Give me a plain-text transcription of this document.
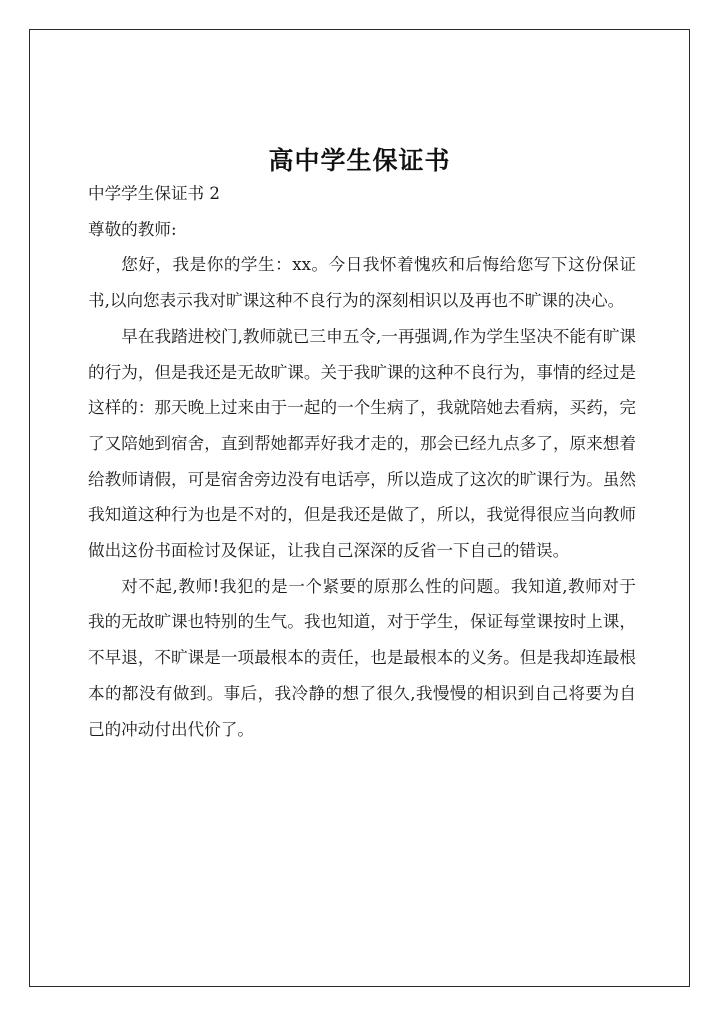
高中学生保证书

中学学生保证书 2

尊敬的教师:

您好，我是你的学生：xx。今日我怀着愧疚和后悔给您写下这份保证书,以向您表示我对旷课这种不良行为的深刻相识以及再也不旷课的决心。

早在我踏进校门,教师就已三申五令,一再强调,作为学生坚决不能有旷课的行为，但是我还是无故旷课。关于我旷课的这种不良行为，事情的经过是这样的：那天晚上过来由于一起的一个生病了，我就陪她去看病，买药，完了又陪她到宿舍，直到帮她都弄好我才走的，那会已经九点多了，原来想着给教师请假，可是宿舍旁边没有电话亭，所以造成了这次的旷课行为。虽然我知道这种行为也是不对的，但是我还是做了，所以，我觉得很应当向教师做出这份书面检讨及保证，让我自己深深的反省一下自己的错误。

对不起,教师!我犯的是一个紧要的原那么性的问题。我知道,教师对于我的无故旷课也特别的生气。我也知道，对于学生，保证每堂课按时上课，不早退，不旷课是一项最根本的责任，也是最根本的义务。但是我却连最根本的都没有做到。事后，我冷静的想了很久,我慢慢的相识到自己将要为自己的冲动付出代价了。
